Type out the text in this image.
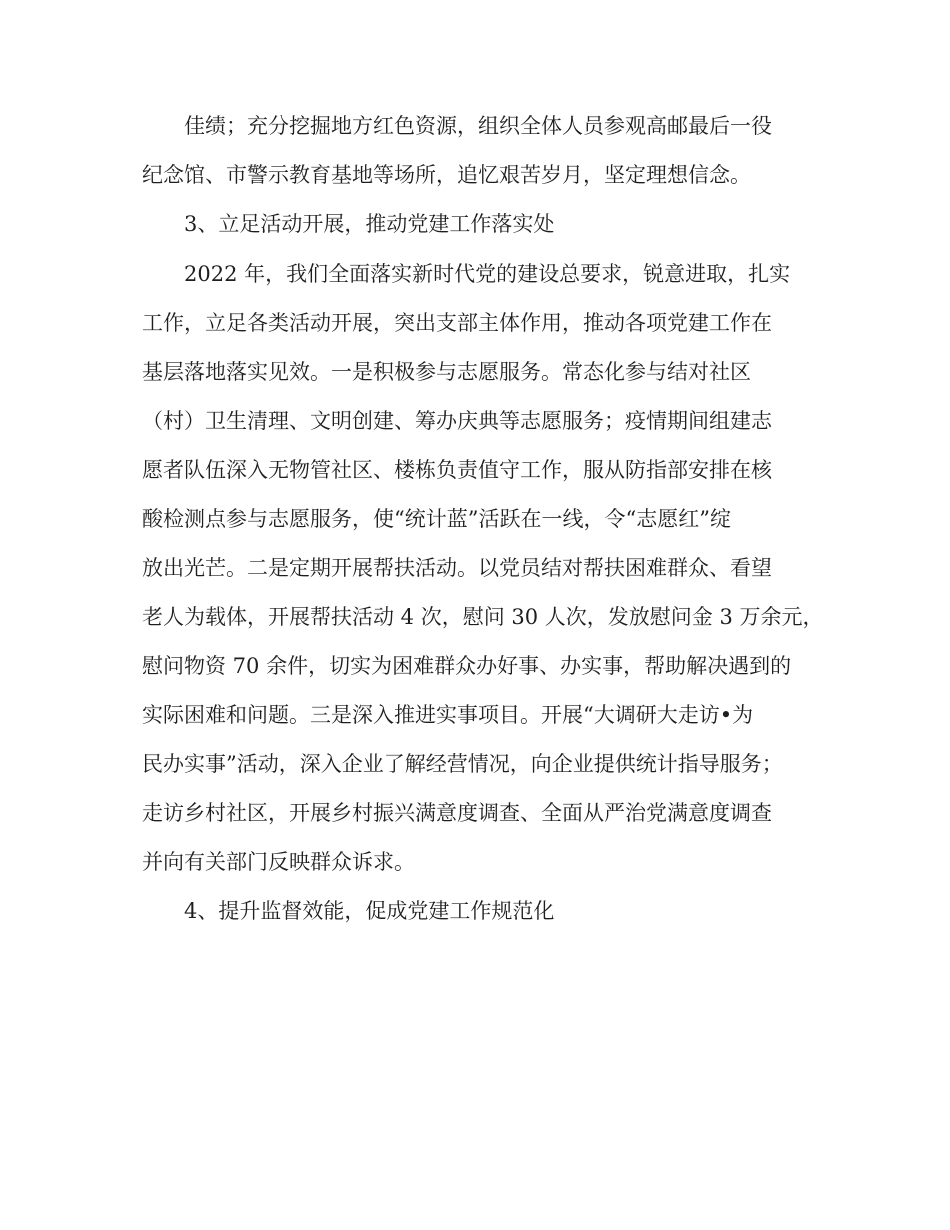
佳绩；充分挖掘地方红色资源，组织全体人员参观高邮最后一役
纪念馆、市警示教育基地等场所，追忆艰苦岁月，坚定理想信念。
3、立足活动开展，推动党建工作落实处
2022 年，我们全面落实新时代党的建设总要求，锐意进取，扎实
工作，立足各类活动开展，突出支部主体作用，推动各项党建工作在
基层落地落实见效。一是积极参与志愿服务。常态化参与结对社区
（村）卫生清理、文明创建、筹办庆典等志愿服务；疫情期间组建志
愿者队伍深入无物管社区、楼栋负责值守工作，服从防指部安排在核
酸检测点参与志愿服务，使“统计蓝”活跃在一线，令“志愿红”绽
放出光芒。二是定期开展帮扶活动。以党员结对帮扶困难群众、看望
老人为载体，开展帮扶活动 4 次，慰问 30 人次，发放慰问金 3 万余元，
慰问物资 70 余件，切实为困难群众办好事、办实事，帮助解决遇到的
实际困难和问题。三是深入推进实事项目。开展“大调研大走访•为
民办实事”活动，深入企业了解经营情况，向企业提供统计指导服务；
走访乡村社区，开展乡村振兴满意度调查、全面从严治党满意度调查
并向有关部门反映群众诉求。
4、提升监督效能，促成党建工作规范化
